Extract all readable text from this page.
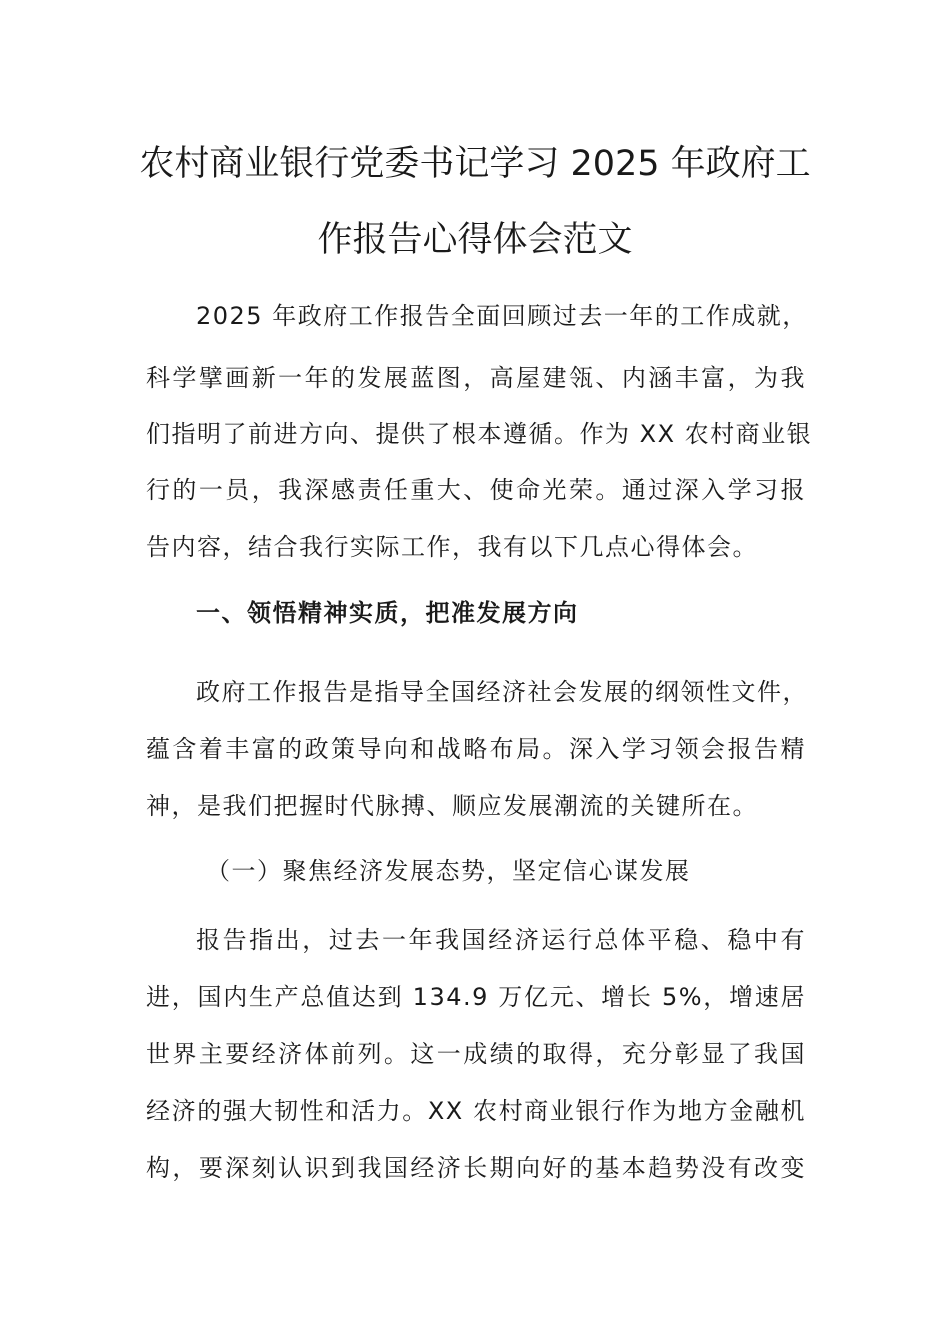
农村商业银行党委书记学习 2025 年政府工
作报告心得体会范文
2025 年政府工作报告全面回顾过去一年的工作成就，
科学擘画新一年的发展蓝图，高屋建瓴、内涵丰富，为我
们指明了前进方向、提供了根本遵循。作为 XX 农村商业银
行的一员，我深感责任重大、使命光荣。通过深入学习报
告内容，结合我行实际工作，我有以下几点心得体会。
一、领悟精神实质，把准发展方向
政府工作报告是指导全国经济社会发展的纲领性文件，
蕴含着丰富的政策导向和战略布局。深入学习领会报告精
神，是我们把握时代脉搏、顺应发展潮流的关键所在。
（一）聚焦经济发展态势，坚定信心谋发展
报告指出，过去一年我国经济运行总体平稳、稳中有
进，国内生产总值达到 134.9 万亿元、增长 5%，增速居
世界主要经济体前列。这一成绩的取得，充分彰显了我国
经济的强大韧性和活力。XX 农村商业银行作为地方金融机
构，要深刻认识到我国经济长期向好的基本趋势没有改变
